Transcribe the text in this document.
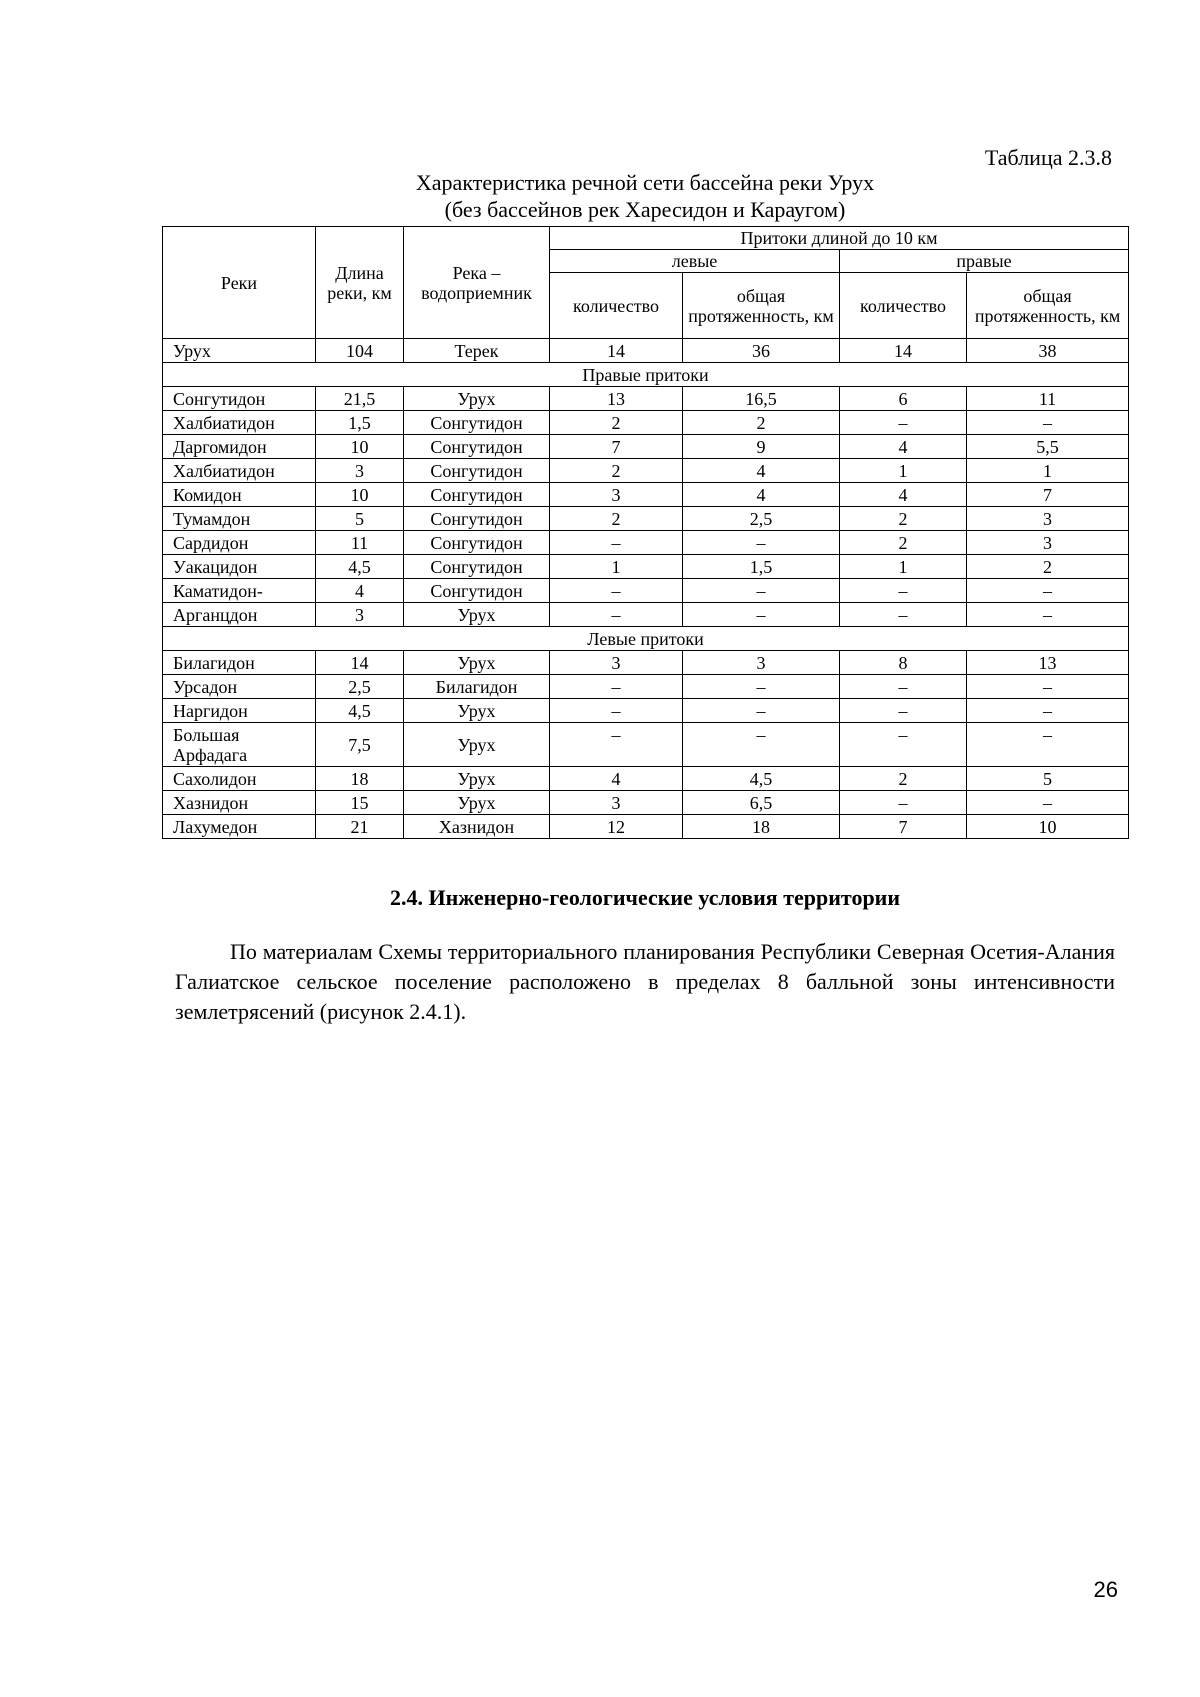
Таблица 2.3.8
Характеристика речной сети бассейна реки Урух
(без бассейнов рек Харесидон и Караугом)
Реки	Длина реки, км	Река – водоприемник	Притоки длиной до 10 км			
			левые		правые	
			количество	общая протяженность, км	количество	общая протяженность, км
Урух	104	Терек	14	36	14	38
Правые притоки						
Сонгутидон	21,5	Урух	13	16,5	6	11
Халбиатидон	1,5	Сонгутидон	2	2	–	–
Даргомидон	10	Сонгутидон	7	9	4	5,5
Халбиатидон	3	Сонгутидон	2	4	1	1
Комидон	10	Сонгутидон	3	4	4	7
Тумамдон	5	Сонгутидон	2	2,5	2	3
Сардидон	11	Сонгутидон	–	–	2	3
Уакацидон	4,5	Сонгутидон	1	1,5	1	2
Каматидон-	4	Сонгутидон	–	–	–	–
Арганцдон	3	Урух	–	–	–	–
Левые притоки						
Билагидон	14	Урух	3	3	8	13
Урсадон	2,5	Билагидон	–	–	–	–
Наргидон	4,5	Урух	–	–	–	–
Большая Арфадага	7,5	Урух	–	–	–	–
Сахолидон	18	Урух	4	4,5	2	5
Хазнидон	15	Урух	3	6,5	–	–
Лахумедон	21	Хазнидон	12	18	7	10
2.4. Инженерно-геологические условия территории
По материалам Схемы территориального планирования Республики Северная Осетия-Алания Галиатское сельское поселение расположено в пределах 8 балльной зоны интенсивности землетрясений (рисунок 2.4.1).
26
